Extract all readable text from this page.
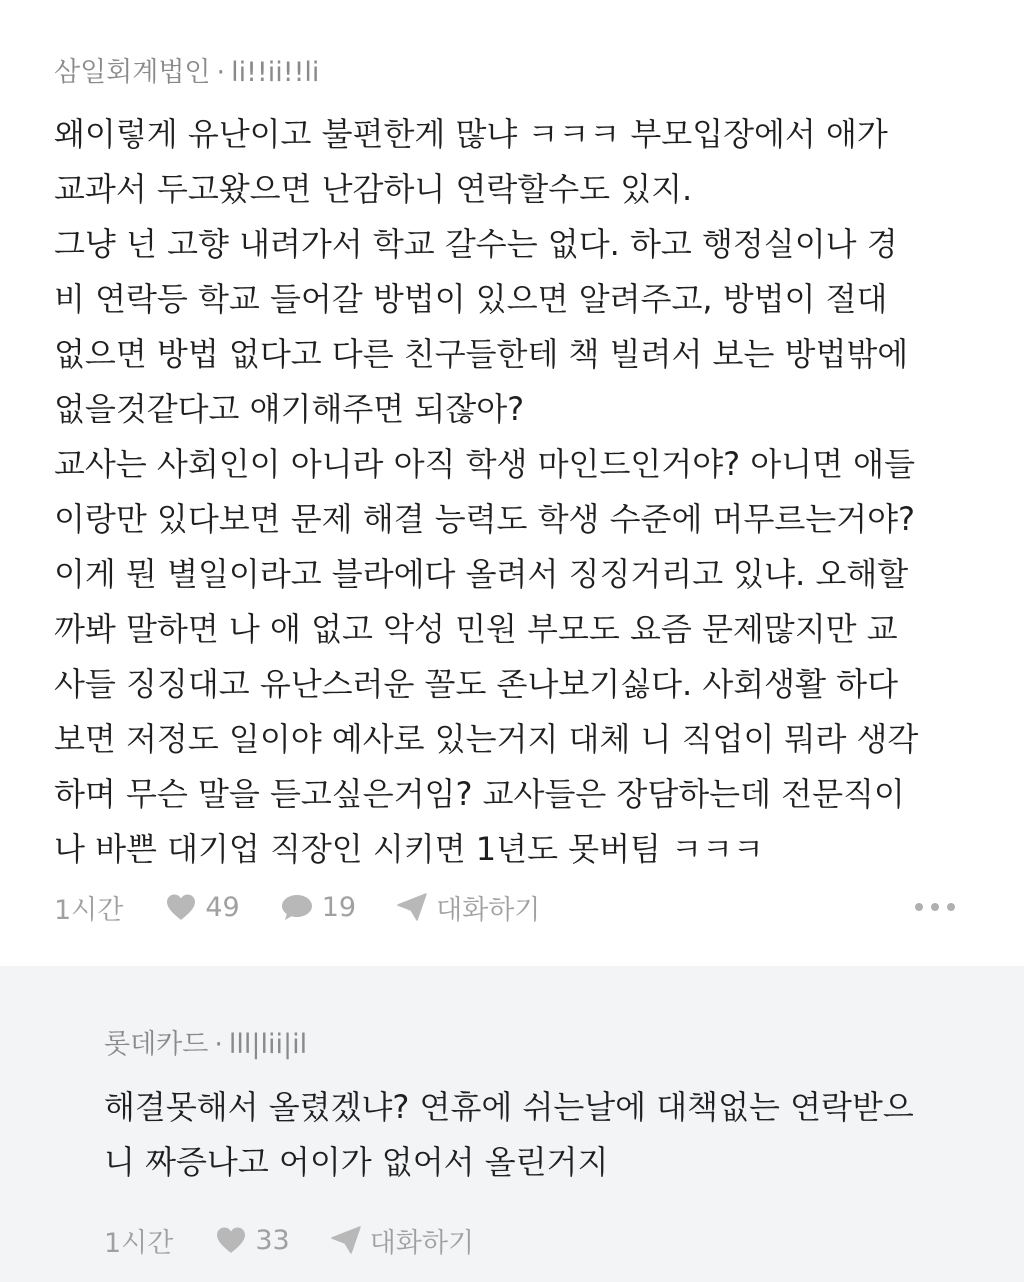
삼일회계법인 · li!!ii!!li
왜이렇게 유난이고 불편한게 많냐 ㅋㅋㅋ 부모입장에서 애가
교과서 두고왔으면 난감하니 연락할수도 있지.
그냥 넌 고향 내려가서 학교 갈수는 없다. 하고 행정실이나 경
비 연락등 학교 들어갈 방법이 있으면 알려주고, 방법이 절대
없으면 방법 없다고 다른 친구들한테 책 빌려서 보는 방법밖에
없을것같다고 얘기해주면 되잖아?
교사는 사회인이 아니라 아직 학생 마인드인거야? 아니면 애들
이랑만 있다보면 문제 해결 능력도 학생 수준에 머무르는거야?
이게 뭔 별일이라고 블라에다 올려서 징징거리고 있냐. 오해할
까봐 말하면 나 애 없고 악성 민원 부모도 요즘 문제많지만 교
사들 징징대고 유난스러운 꼴도 존나보기싫다. 사회생활 하다
보면 저정도 일이야 예사로 있는거지 대체 니 직업이 뭐라 생각
하며 무슨 말을 듣고싶은거임? 교사들은 장담하는데 전문직이
나 바쁜 대기업 직장인 시키면 1년도 못버팀 ㅋㅋㅋ
1시간	49	19	대화하기
롯데카드 · lll|lii|il
해결못해서 올렸겠냐? 연휴에 쉬는날에 대책없는 연락받으
니 짜증나고 어이가 없어서 올린거지
1시간	33	대화하기
